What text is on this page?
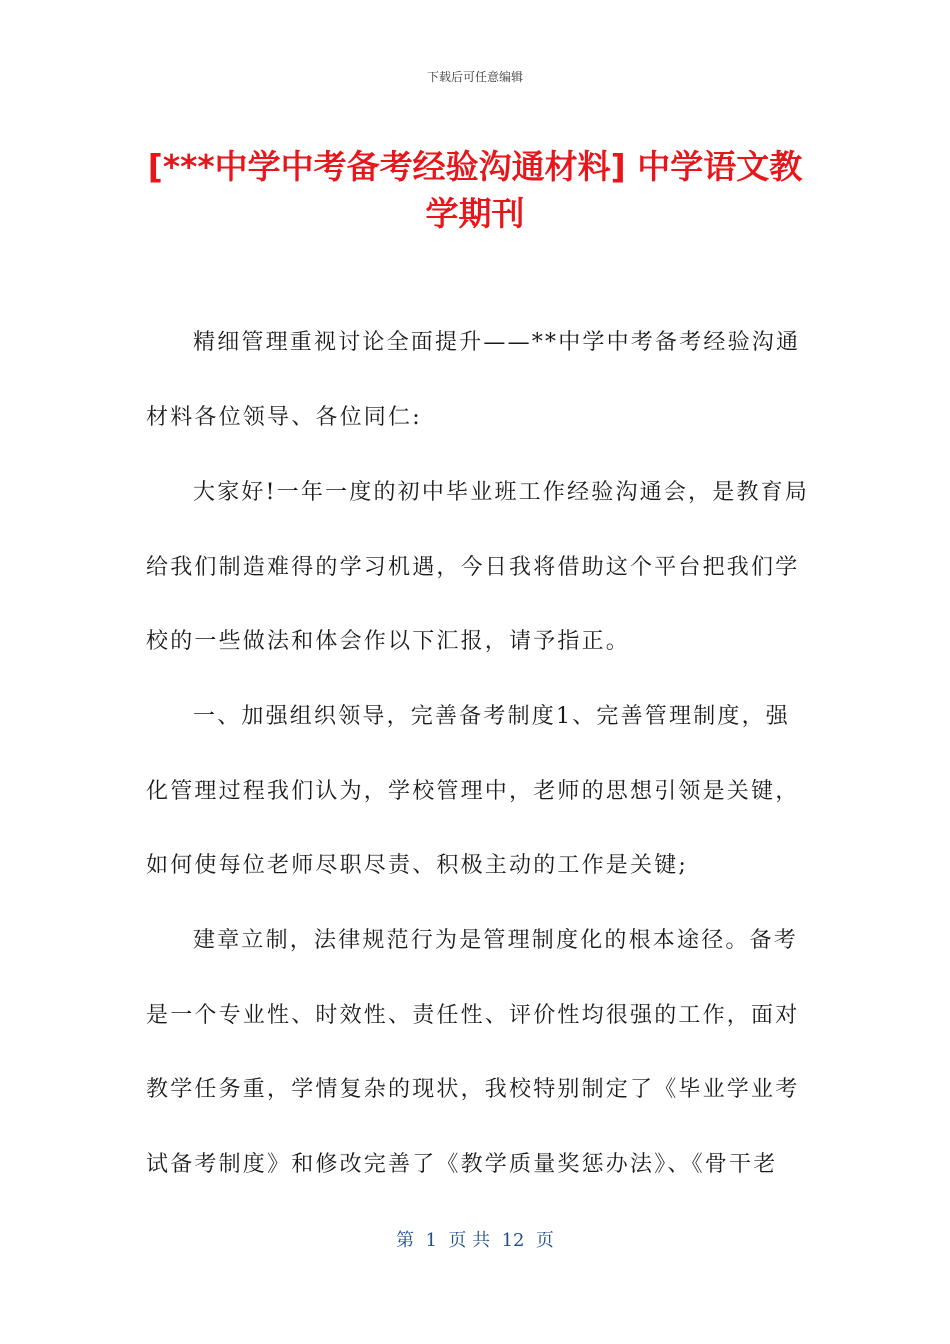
下载后可任意编辑
[***中学中考备考经验沟通材料] 中学语文教
学期刊
精细管理重视讨论全面提升——**中学中考备考经验沟通
材料各位领导、各位同仁:
大家好!一年一度的初中毕业班工作经验沟通会，是教育局
给我们制造难得的学习机遇，今日我将借助这个平台把我们学
校的一些做法和体会作以下汇报，请予指正。
一、加强组织领导，完善备考制度1、完善管理制度，强
化管理过程我们认为，学校管理中，老师的思想引领是关键，
如何使每位老师尽职尽责、积极主动的工作是关键;
建章立制，法律规范行为是管理制度化的根本途径。备考
是一个专业性、时效性、责任性、评价性均很强的工作，面对
教学任务重，学情复杂的现状，我校特别制定了《毕业学业考
试备考制度》和修改完善了《教学质量奖惩办法》、《骨干老
第  1  页 共  12  页
